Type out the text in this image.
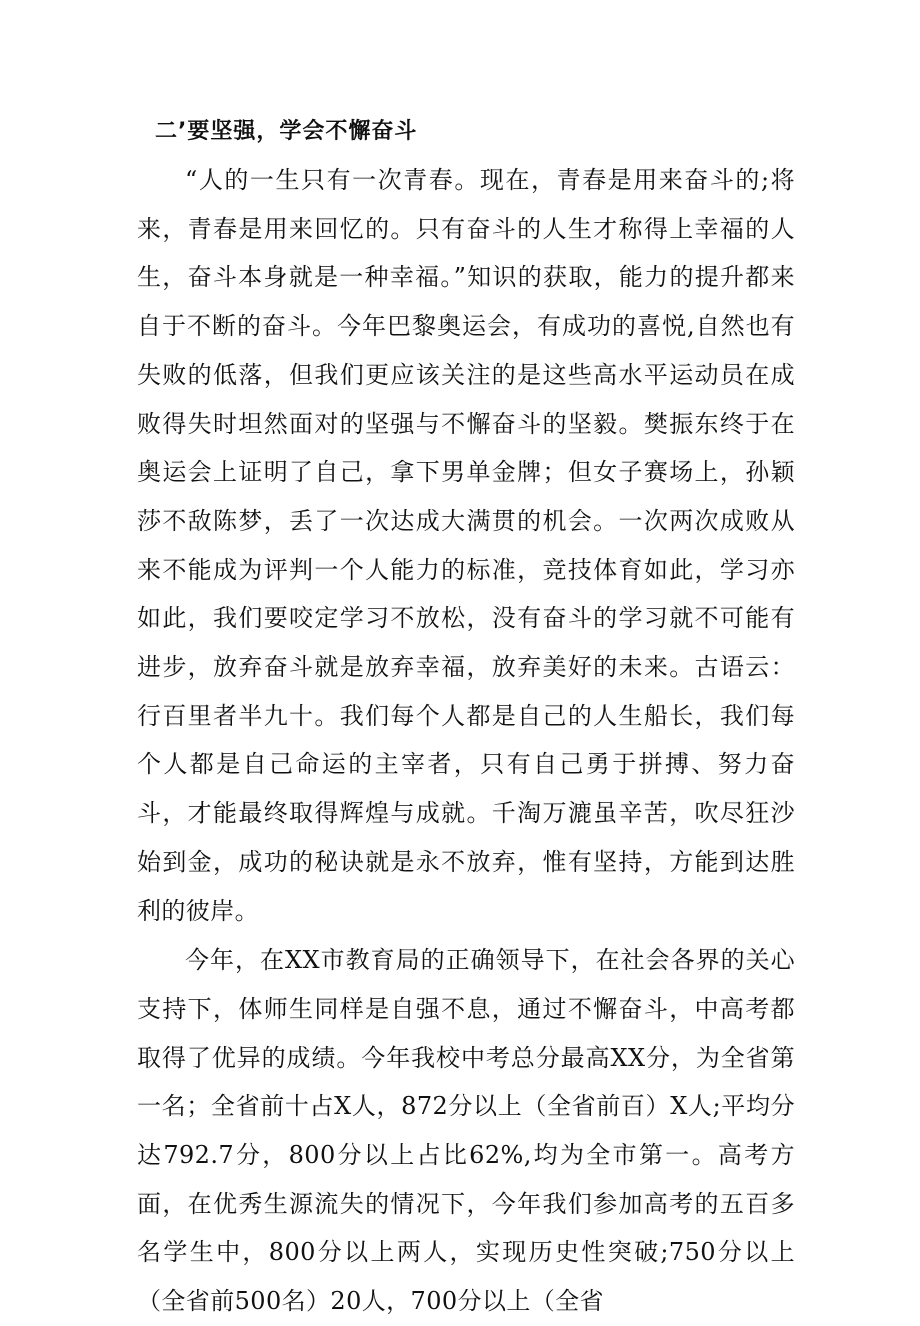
二’要坚强，学会不懈奋斗

“人的一生只有一次青春。现在，青春是用来奋斗的;将来，青春是用来回忆的。只有奋斗的人生才称得上幸福的人生，奋斗本身就是一种幸福。”知识的获取，能力的提升都来自于不断的奋斗。今年巴黎奥运会，有成功的喜悦,自然也有失败的低落，但我们更应该关注的是这些高水平运动员在成败得失时坦然面对的坚强与不懈奋斗的坚毅。樊振东终于在奥运会上证明了自己，拿下男单金牌；但女子赛场上，孙颖莎不敌陈梦，丢了一次达成大满贯的机会。一次两次成败从来不能成为评判一个人能力的标准，竞技体育如此，学习亦如此，我们要咬定学习不放松，没有奋斗的学习就不可能有进步，放弃奋斗就是放弃幸福，放弃美好的未来。古语云：行百里者半九十。我们每个人都是自己的人生船长，我们每个人都是自己命运的主宰者，只有自己勇于拼搏、努力奋斗，才能最终取得辉煌与成就。千淘万漉虽辛苦，吹尽狂沙始到金，成功的秘诀就是永不放弃，惟有坚持，方能到达胜利的彼岸。

今年，在XX市教育局的正确领导下，在社会各界的关心支持下，体师生同样是自强不息，通过不懈奋斗，中高考都取得了优异的成绩。今年我校中考总分最高XX分，为全省第一名；全省前十占X人，872分以上（全省前百）X人;平均分达792.7分，800分以上占比62%,均为全市第一。高考方面，在优秀生源流失的情况下，今年我们参加高考的五百多名学生中，800分以上两人，实现历史性突破;750分以上（全省前500名）20人，700分以上（全省
